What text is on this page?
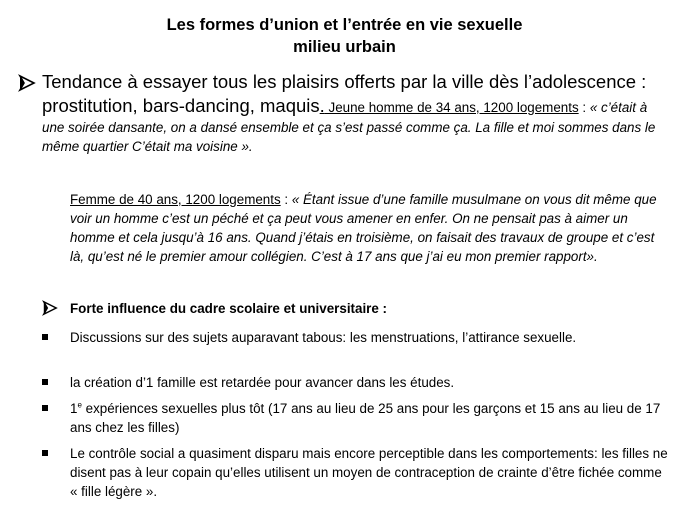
Les formes d’union et l’entrée en vie sexuelle
milieu urbain
Tendance à essayer tous les plaisirs offerts par la ville dès l’adolescence : prostitution, bars-dancing, maquis. Jeune homme de 34 ans, 1200 logements : « c’était à une soirée dansante, on a dansé ensemble et ça s’est passé comme ça. La fille et moi sommes dans le même quartier C’était ma voisine ».
Femme de 40 ans, 1200 logements : « Étant issue d’une famille musulmane on vous dit même que voir un homme c’est un péché et ça peut vous amener en enfer. On ne pensait pas à aimer un homme et cela jusqu’à 16 ans. Quand j’étais en troisième, on faisait des travaux de groupe et c’est là, qu’est né le premier amour collégien. C’est à 17 ans que j’ai eu mon premier rapport».
Forte influence du cadre scolaire et universitaire :
Discussions sur des sujets auparavant tabous: les menstruations, l’attirance sexuelle.
la création d’1 famille est retardée pour avancer dans les études.
1e expériences sexuelles plus tôt (17 ans au lieu de 25 ans pour les garçons et 15 ans au lieu de 17 ans chez les filles)
Le contrôle social a quasiment disparu mais encore perceptible dans les comportements: les filles ne disent pas à leur copain qu’elles utilisent un moyen de contraception de crainte d’être fichée comme « fille légère ».
